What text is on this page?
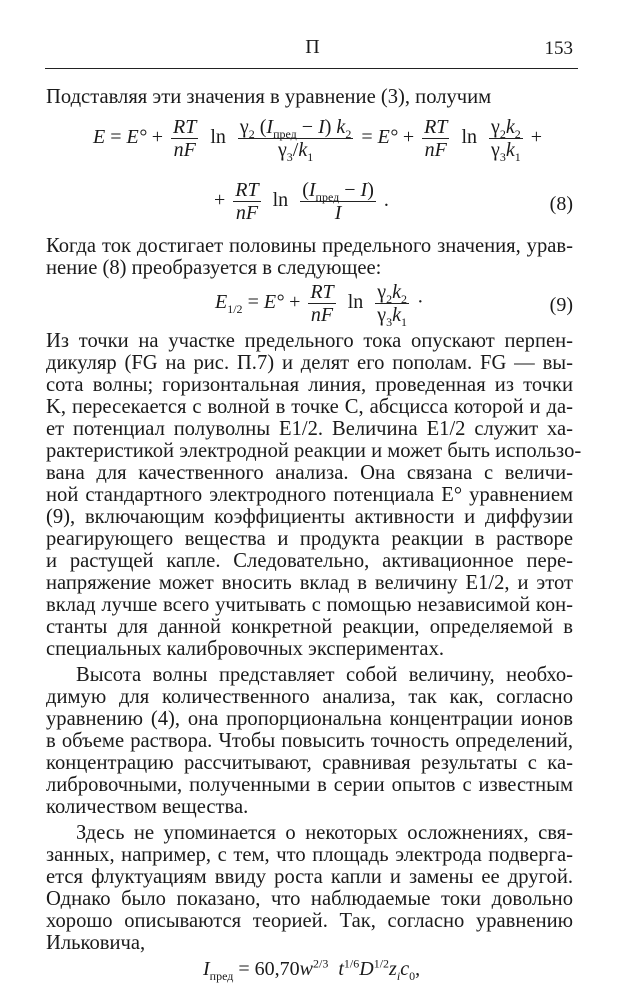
П	153
Подставляя эти значения в уравнение (3), получим
$E = E^\circ + \frac{RT}{nF}$ $\ln \frac{\gamma_2 (I_{пред} - I) k_2}{\gamma_3/k_1} = E^\circ + \frac{RT}{nF}$ $\ln \frac{\gamma_2k_2}{\gamma_3k_1}$ +
+ $\frac{RT}{nF}$ $\ln \frac{(I_{пред} - I)}{I}$ .	(8)
Когда ток достигает половины предельного значения, урав-
нение (8) преобразуется в следующее:
$E_{1/2} = E^\circ + \frac{RT}{nF}$ $\ln \frac{\gamma_2k_2}{\gamma_3k_1}$ ·	(9)
Из точки на участке предельного тока опускают перпен-
дикуляр (FG на рис. П.7) и делят его пополам. FG — вы-
сота волны; горизонтальная линия, проведенная из точки
K, пересекается с волной в точке C, абсцисса которой и да-
ет потенциал полуволны E1/2. Величина E1/2 служит ха-
рактеристикой электродной реакции и может быть использо-
вана для качественного анализа. Она связана с величи-
ной стандартного электродного потенциала E° уравнением
(9), включающим коэффициенты активности и диффузии
реагирующего вещества и продукта реакции в растворе
и растущей капле. Следовательно, активационное пере-
напряжение может вносить вклад в величину E1/2, и этот
вклад лучше всего учитывать с помощью независимой кон-
станты для данной конкретной реакции, определяемой в
специальных калибровочных экспериментах.
Высота волны представляет собой величину, необхо-
димую для количественного анализа, так как, согласно
уравнению (4), она пропорциональна концентрации ионов
в объеме раствора. Чтобы повысить точность определений,
концентрацию рассчитывают, сравнивая результаты с ка-
либровочными, полученными в серии опытов с известным
количеством вещества.
Здесь не упоминается о некоторых осложнениях, свя-
занных, например, с тем, что площадь электрода подверга-
ется флуктуациям ввиду роста капли и замены ее другой.
Однако было показано, что наблюдаемые токи довольно
хорошо описываются теорией. Так, согласно уравнению
Ильковича,
$I_{пред} = 60,70w^{2/3}$ $t^{1/6}D^{1/2}z_ic_0$,
